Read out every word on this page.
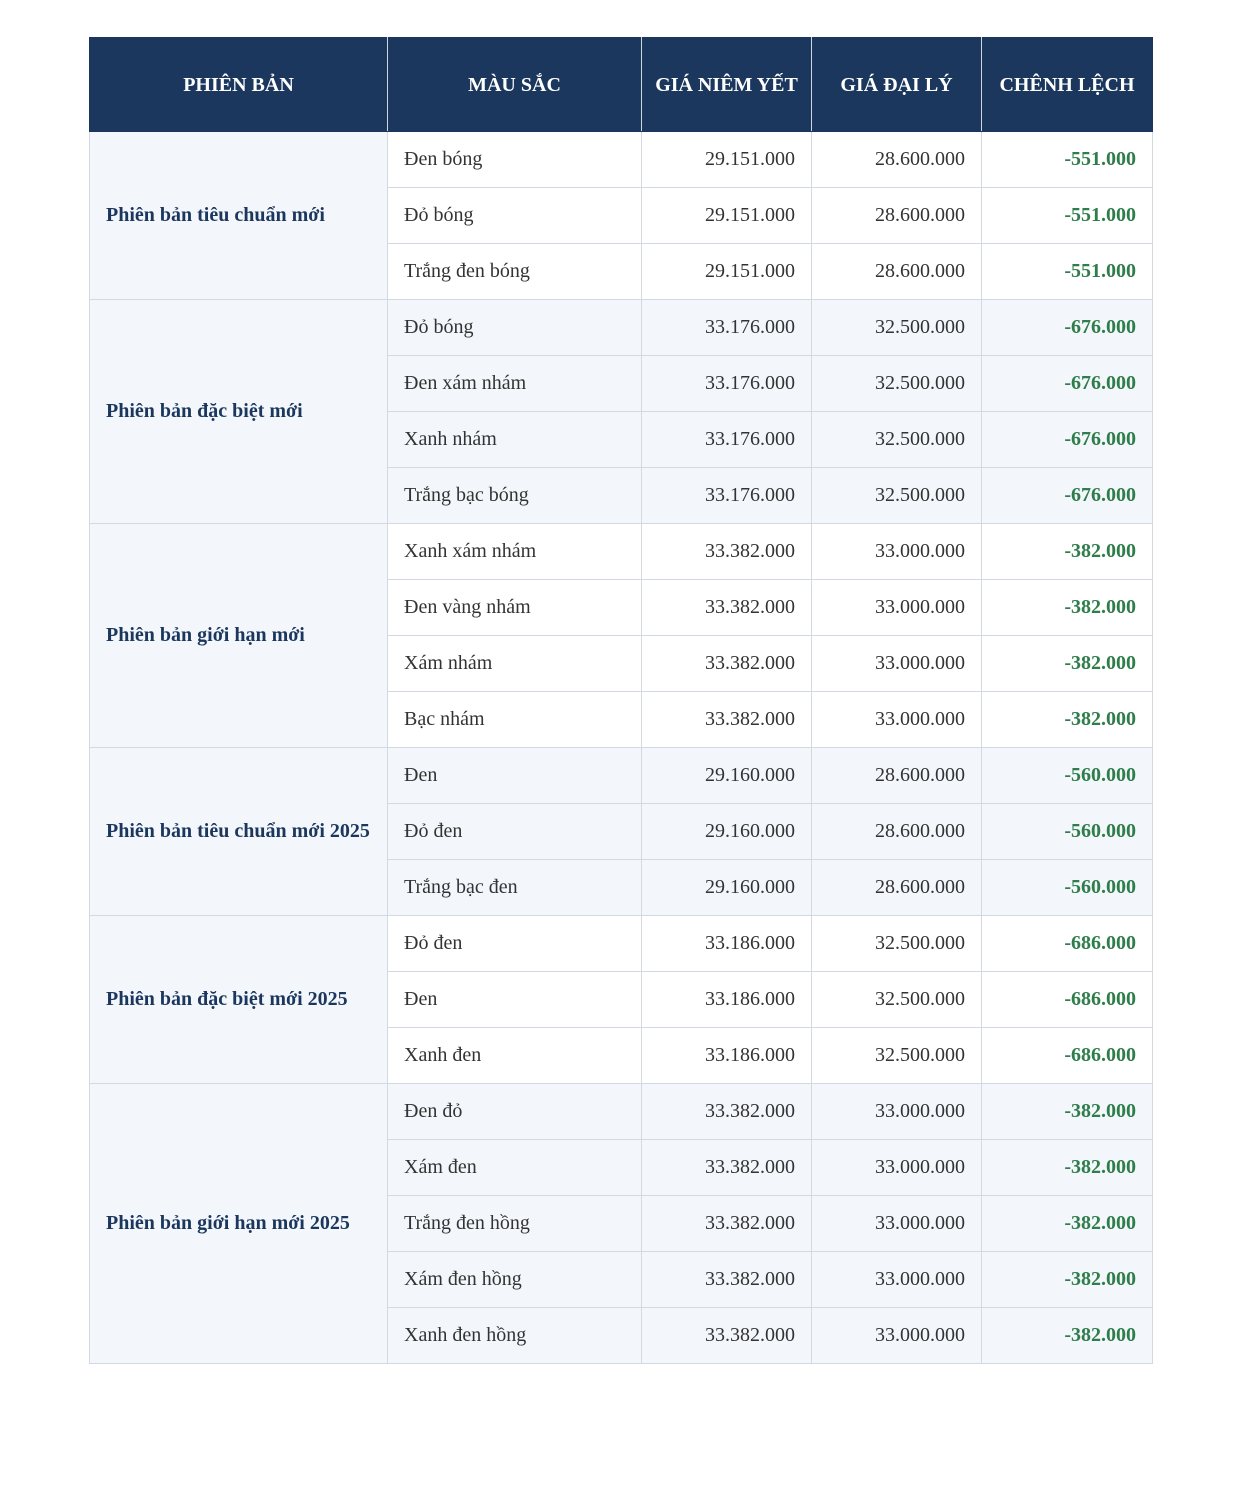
PHIÊN BẢN	MÀU SẮC	GIÁ NIÊM YẾT	GIÁ ĐẠI LÝ	CHÊNH LỆCH
Phiên bản tiêu chuẩn mới	Đen bóng	29.151.000	28.600.000	-551.000
	Đỏ bóng	29.151.000	28.600.000	-551.000
	Trắng đen bóng	29.151.000	28.600.000	-551.000
Phiên bản đặc biệt mới	Đỏ bóng	33.176.000	32.500.000	-676.000
	Đen xám nhám	33.176.000	32.500.000	-676.000
	Xanh nhám	33.176.000	32.500.000	-676.000
	Trắng bạc bóng	33.176.000	32.500.000	-676.000
Phiên bản giới hạn mới	Xanh xám nhám	33.382.000	33.000.000	-382.000
	Đen vàng nhám	33.382.000	33.000.000	-382.000
	Xám nhám	33.382.000	33.000.000	-382.000
	Bạc nhám	33.382.000	33.000.000	-382.000
Phiên bản tiêu chuẩn mới 2025	Đen	29.160.000	28.600.000	-560.000
	Đỏ đen	29.160.000	28.600.000	-560.000
	Trắng bạc đen	29.160.000	28.600.000	-560.000
Phiên bản đặc biệt mới 2025	Đỏ đen	33.186.000	32.500.000	-686.000
	Đen	33.186.000	32.500.000	-686.000
	Xanh đen	33.186.000	32.500.000	-686.000
Phiên bản giới hạn mới 2025	Đen đỏ	33.382.000	33.000.000	-382.000
	Xám đen	33.382.000	33.000.000	-382.000
	Trắng đen hồng	33.382.000	33.000.000	-382.000
	Xám đen hồng	33.382.000	33.000.000	-382.000
	Xanh đen hồng	33.382.000	33.000.000	-382.000
